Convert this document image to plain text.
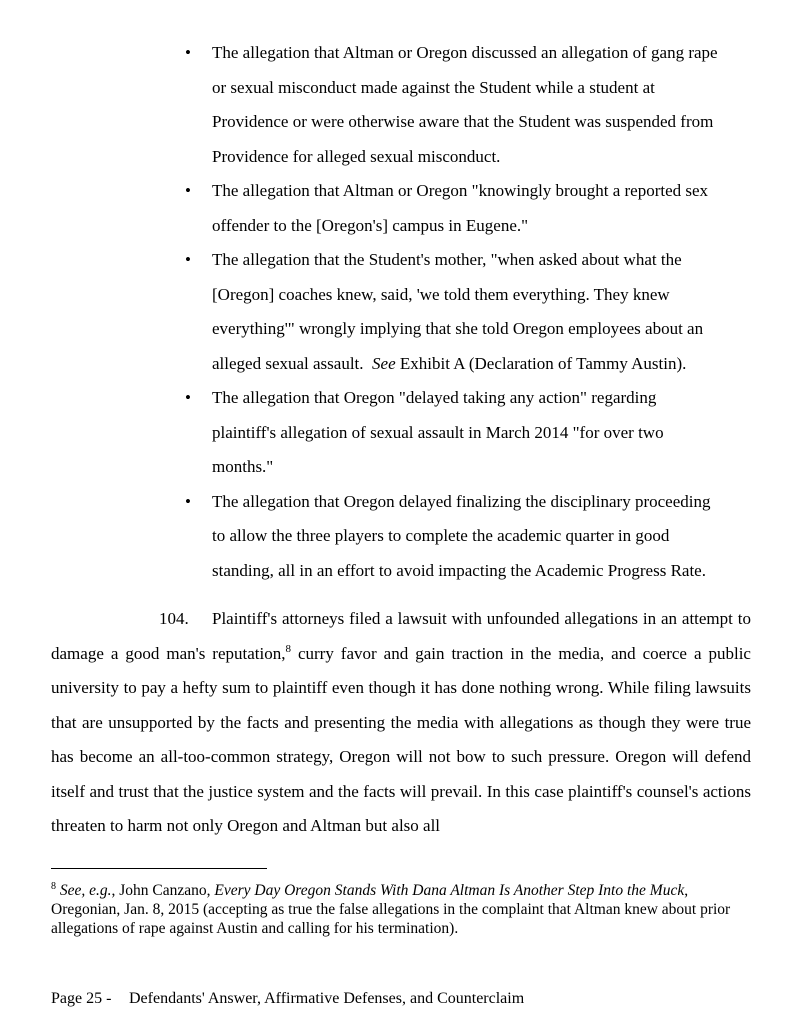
• The allegation that Altman or Oregon discussed an allegation of gang rape
or sexual misconduct made against the Student while a student at
Providence or were otherwise aware that the Student was suspended from
Providence for alleged sexual misconduct.
• The allegation that Altman or Oregon "knowingly brought a reported sex
offender to the [Oregon's] campus in Eugene."
• The allegation that the Student's mother, "when asked about what the
[Oregon] coaches knew, said, 'we told them everything. They knew
everything'" wrongly implying that she told Oregon employees about an
alleged sexual assault.  See Exhibit A (Declaration of Tammy Austin).
• The allegation that Oregon "delayed taking any action" regarding
plaintiff's allegation of sexual assault in March 2014 "for over two
months."
• The allegation that Oregon delayed finalizing the disciplinary proceeding
to allow the three players to complete the academic quarter in good
standing, all in an effort to avoid impacting the Academic Progress Rate.

104. Plaintiff's attorneys filed a lawsuit with unfounded allegations in an attempt to damage a good man's reputation,$^8$ curry favor and gain traction in the media, and coerce a public university to pay a hefty sum to plaintiff even though it has done nothing wrong. While filing lawsuits that are unsupported by the facts and presenting the media with allegations as though they were true has become an all-too-common strategy, Oregon will not bow to such pressure. Oregon will defend itself and trust that the justice system and the facts will prevail. In this case plaintiff's counsel's actions threaten to harm not only Oregon and Altman but also all

$^8$ See, e.g., John Canzano, Every Day Oregon Stands With Dana Altman Is Another Step Into the Muck, Oregonian, Jan. 8, 2015 (accepting as true the false allegations in the complaint that Altman knew about prior allegations of rape against Austin and calling for his termination).
Page 25 - Defendants' Answer, Affirmative Defenses, and Counterclaim
